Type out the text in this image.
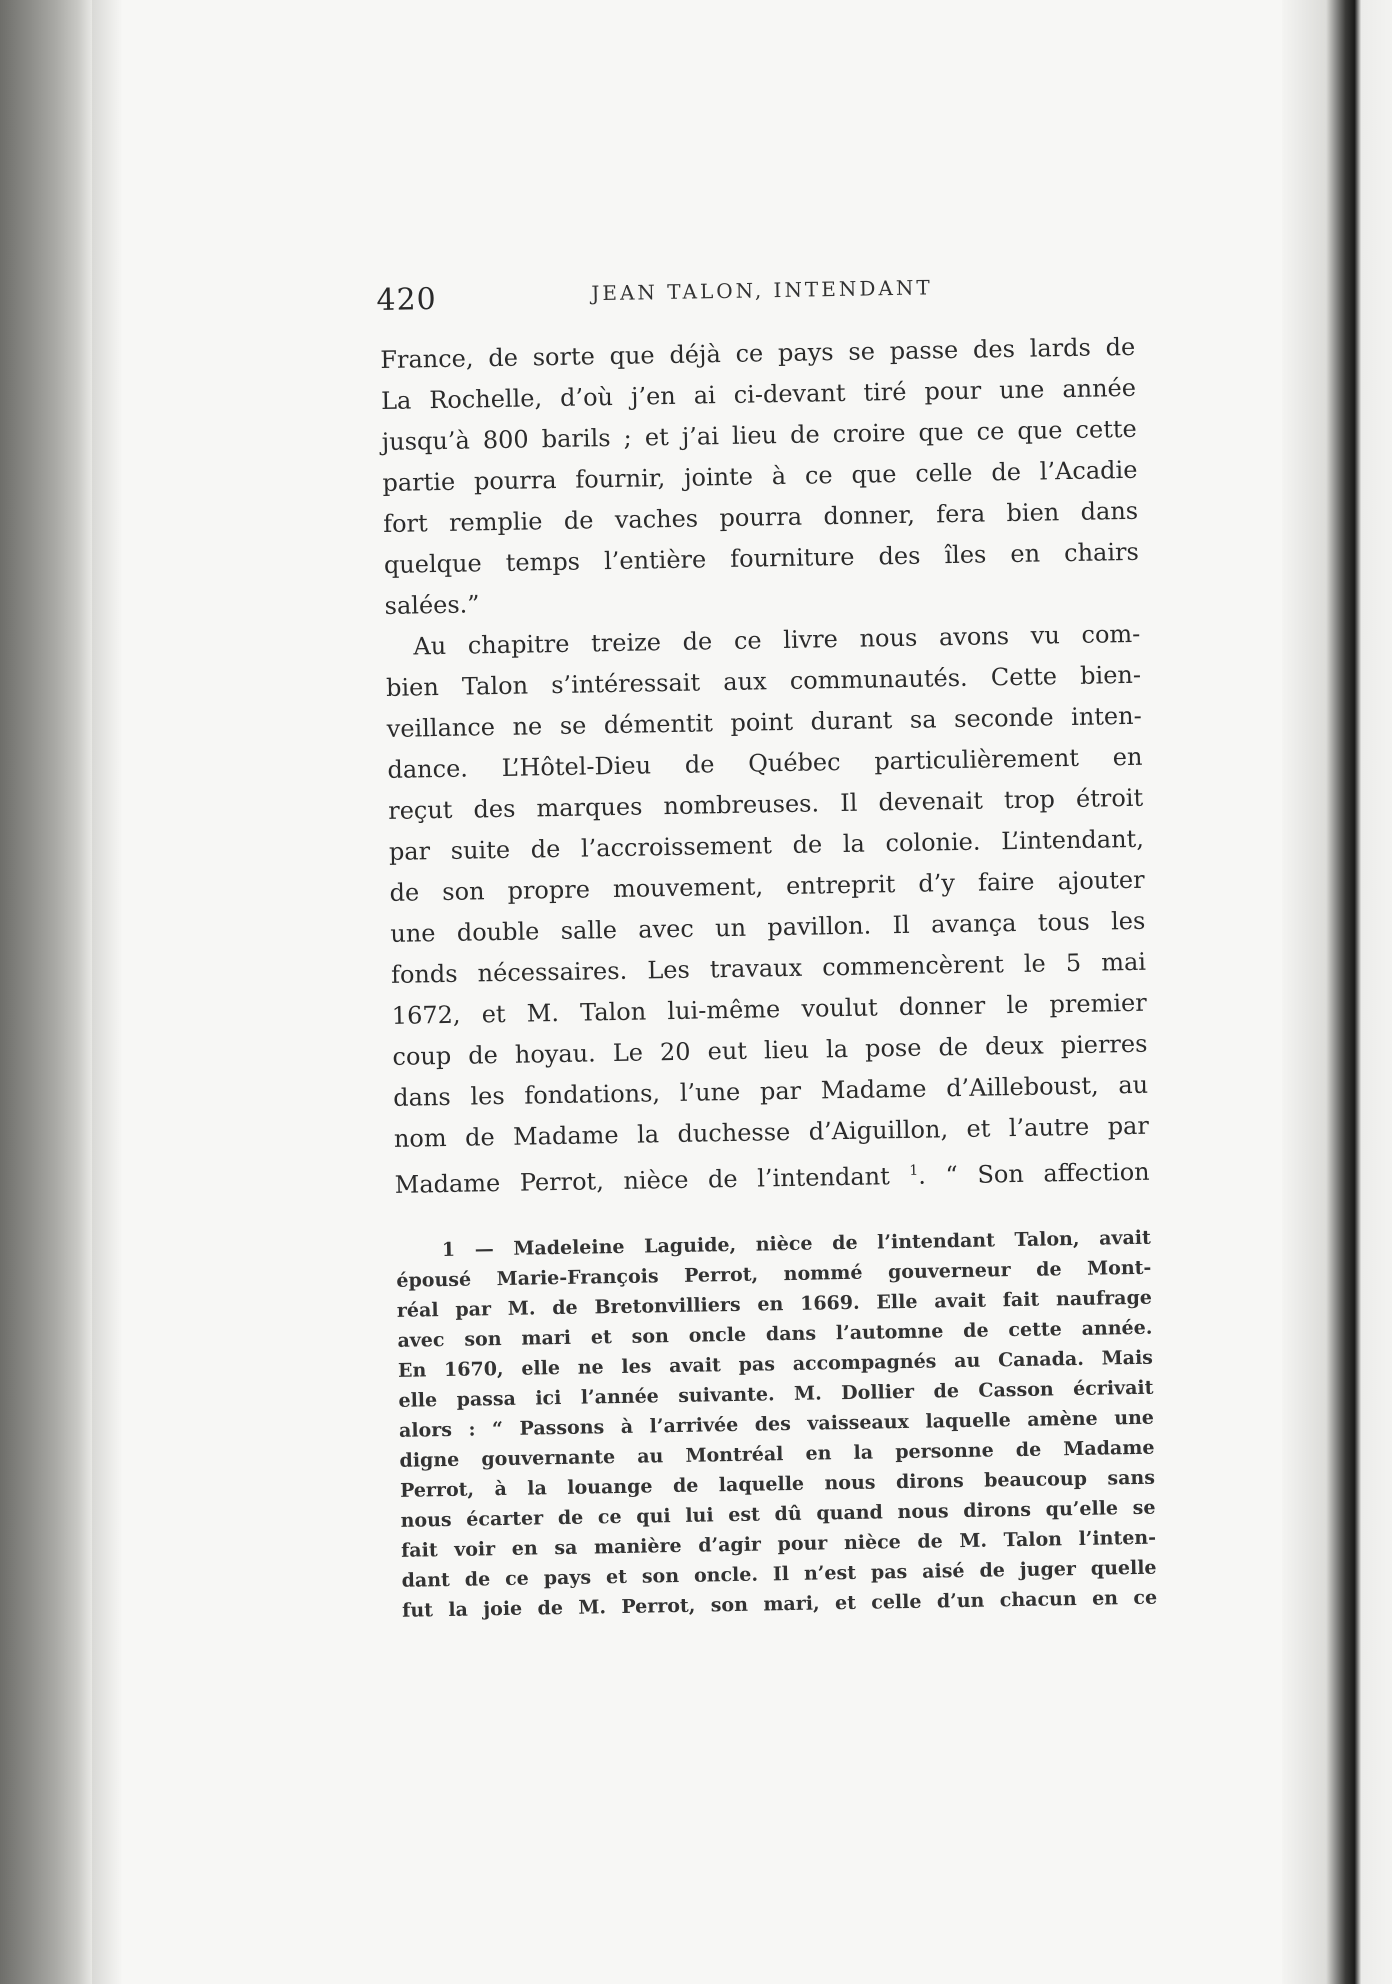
420	JEAN TALON, INTENDANT

France, de sorte que déjà ce pays se passe des lards de
La Rochelle, d’où j’en ai ci-devant tiré pour une année
jusqu’à 800 barils ; et j’ai lieu de croire que ce que cette
partie pourra fournir, jointe à ce que celle de l’Acadie
fort remplie de vaches pourra donner, fera bien dans
quelque temps l’entière fourniture des îles en chairs
salées.”
Au chapitre treize de ce livre nous avons vu com-
bien Talon s’intéressait aux communautés. Cette bien-
veillance ne se démentit point durant sa seconde inten-
dance. L’Hôtel-Dieu de Québec particulièrement en
reçut des marques nombreuses. Il devenait trop étroit
par suite de l’accroissement de la colonie. L’intendant,
de son propre mouvement, entreprit d’y faire ajouter
une double salle avec un pavillon. Il avança tous les
fonds nécessaires. Les travaux commencèrent le 5 mai
1672, et M. Talon lui-même voulut donner le premier
coup de hoyau. Le 20 eut lieu la pose de deux pierres
dans les fondations, l’une par Madame d’Ailleboust, au
nom de Madame la duchesse d’Aiguillon, et l’autre par
Madame Perrot, nièce de l’intendant $^1$. “ Son affection

1 — Madeleine Laguide, nièce de l’intendant Talon, avait
épousé Marie-François Perrot, nommé gouverneur de Mont-
réal par M. de Bretonvilliers en 1669. Elle avait fait naufrage
avec son mari et son oncle dans l’automne de cette année.
En 1670, elle ne les avait pas accompagnés au Canada. Mais
elle passa ici l’année suivante. M. Dollier de Casson écrivait
alors : “ Passons à l’arrivée des vaisseaux laquelle amène une
digne gouvernante au Montréal en la personne de Madame
Perrot, à la louange de laquelle nous dirons beaucoup sans
nous écarter de ce qui lui est dû quand nous dirons qu’elle se
fait voir en sa manière d’agir pour nièce de M. Talon l’inten-
dant de ce pays et son oncle. Il n’est pas aisé de juger quelle
fut la joie de M. Perrot, son mari, et celle d’un chacun en ce
